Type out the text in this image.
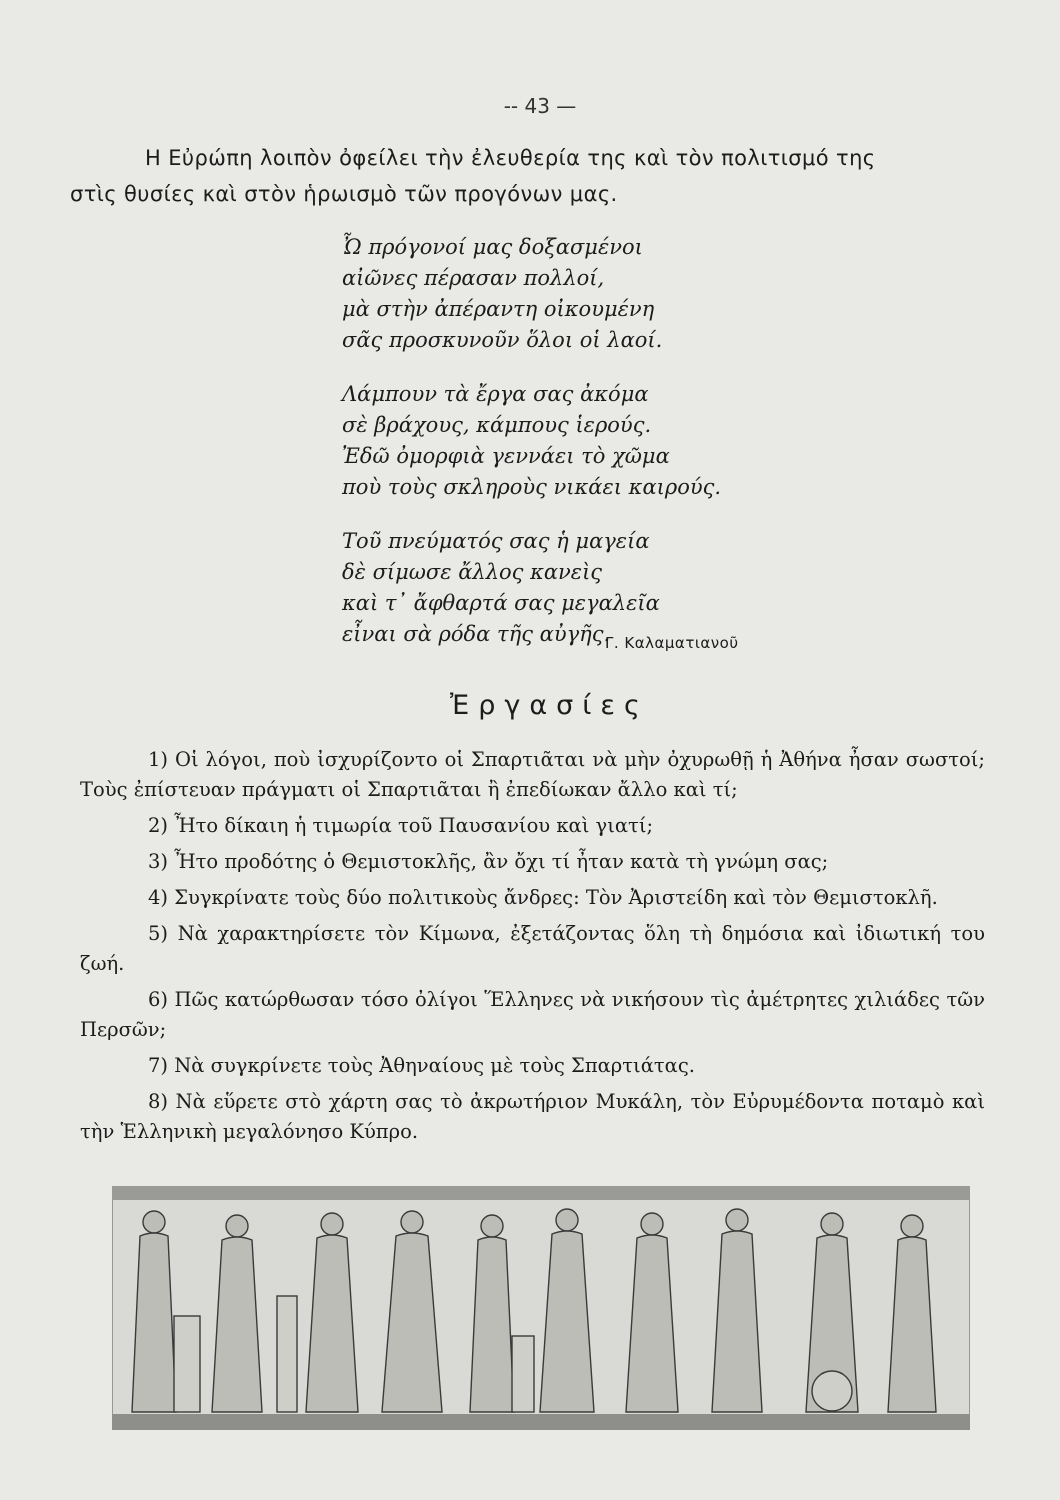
-- 43 —
Η Εὐρώπη λοιπὸν ὀφείλει τὴν ἐλευθερία της καὶ τὸν πολιτισμό της
στὶς θυσίες καὶ στὸν ἡρωισμὸ τῶν προγόνων μας.
Ὦ πρόγονοί μας δοξασμένοι
αἰῶνες πέρασαν πολλοί,
μὰ στὴν ἀπέραντη οἰκουμένη
σᾶς προσκυνοῦν ὅλοι οἱ λαοί.
Λάμπουν τὰ ἔργα σας ἀκόμα
σὲ βράχους, κάμπους ἱερούς.
Ἐδῶ ὀμορφιὰ γεννάει τὸ χῶμα
ποὺ τοὺς σκληροὺς νικάει καιρούς.
Τοῦ πνεύματός σας ἡ μαγεία
δὲ σίμωσε ἄλλος κανεὶς
καὶ τ᾿ ἄφθαρτά σας μεγαλεῖα
εἶναι σὰ ρόδα τῆς αὐγῆς.
Γ. Καλαματιανοῦ
Ἐργασίες

1) Οἱ λόγοι, ποὺ ἰσχυρίζοντο οἱ Σπαρτιᾶται νὰ μὴν ὀχυρωθῇ ἡ Ἀθήνα ἦσαν σωστοί; Τοὺς ἐπίστευαν πράγματι οἱ Σπαρτιᾶται ἢ ἐπεδίωκαν ἄλλο καὶ τί;

2) Ἦτο δίκαιη ἡ τιμωρία τοῦ Παυσανίου καὶ γιατί;

3) Ἦτο προδότης ὁ Θεμιστοκλῆς, ἂν ὄχι τί ἦταν κατὰ τὴ γνώμη σας;

4) Συγκρίνατε τοὺς δύο πολιτικοὺς ἄνδρες: Τὸν Ἀριστείδη καὶ τὸν Θεμιστοκλῆ.

5) Νὰ χαρακτηρίσετε τὸν Κίμωνα, ἐξετάζοντας ὅλη τὴ δημόσια καὶ ἰδιωτική του ζωή.

6) Πῶς κατώρθωσαν τόσο ὀλίγοι Ἕλληνες νὰ νικήσουν τὶς ἀμέτρητες χιλιάδες τῶν Περσῶν;

7) Νὰ συγκρίνετε τοὺς Ἀθηναίους μὲ τοὺς Σπαρτιάτας.

8) Νὰ εὕρετε στὸ χάρτη σας τὸ ἀκρωτήριον Μυκάλη, τὸν Εὐρυμέδοντα ποταμὸ καὶ τὴν Ἑλληνικὴ μεγαλόνησο Κύπρο.
